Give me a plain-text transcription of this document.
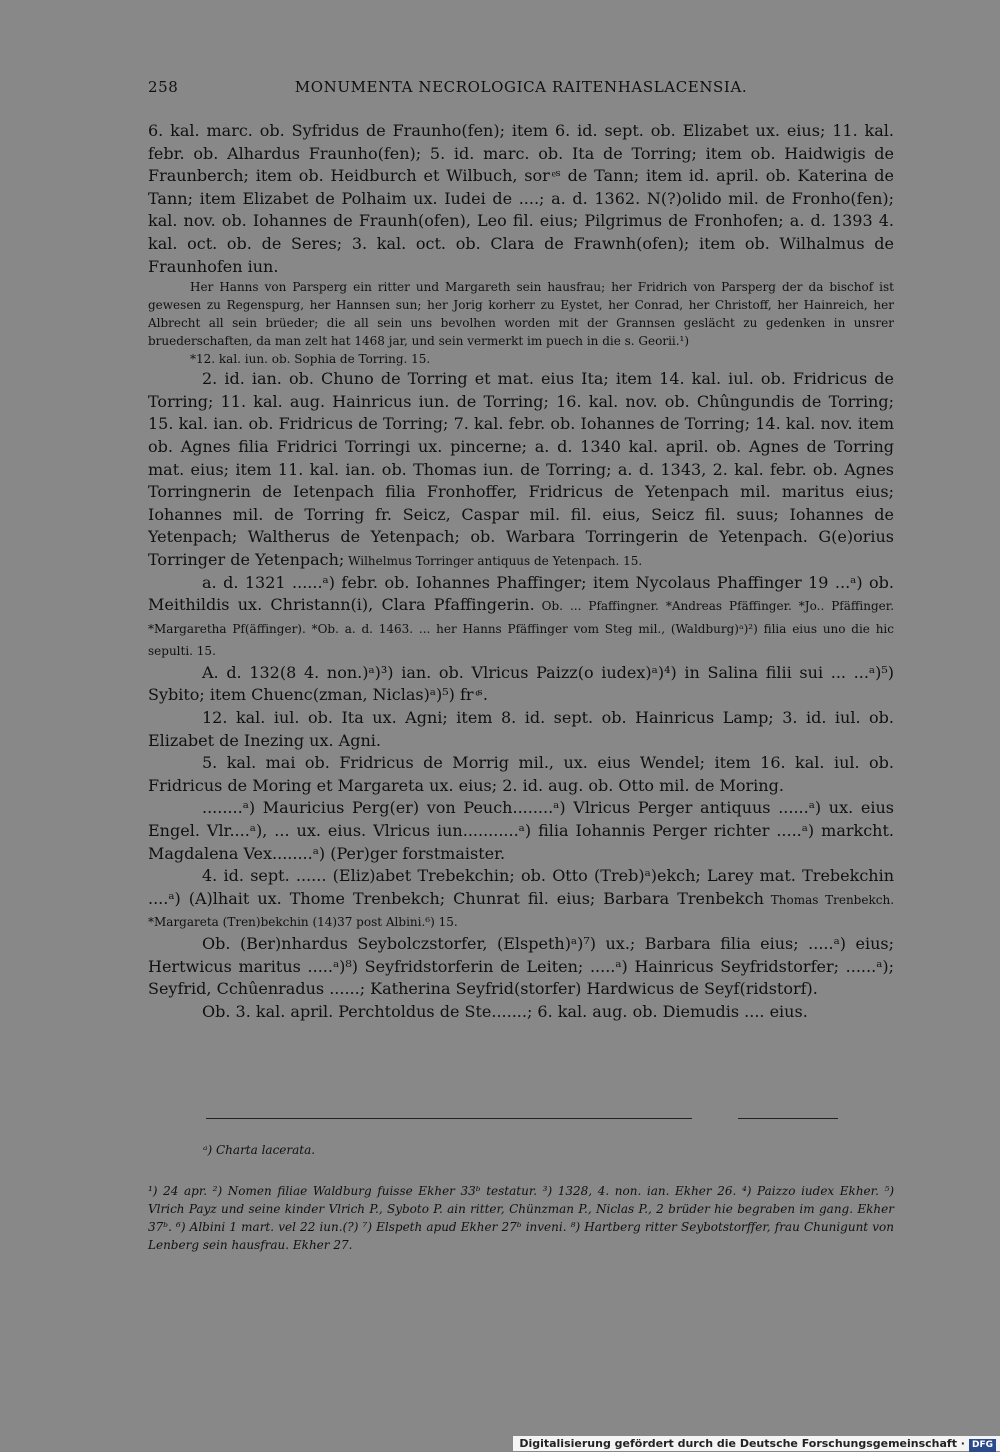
258	MONUMENTA NECROLOGICA RAITENHASLACENSIA.

6. kal. marc. ob. Syfridus de Fraunho(fen); item 6. id. sept. ob. Elizabet ux. eius; 11. kal. febr. ob. Alhardus Fraunho(fen); 5. id. marc. ob. Ita de Torring; item ob. Haidwigis de Fraunberch; item ob. Heidburch et Wilbuch, sor ͤˢ de Tann; item id. april. ob. Katerina de Tann; item Elizabet de Polhaim ux. Iudei de ....; a. d. 1362. N(?)olido mil. de Fronho(fen); kal. nov. ob. Iohannes de Fraunh(ofen), Leo fil. eius; Pilgrimus de Fronhofen; a. d. 1393 4. kal. oct. ob. de Seres; 3. kal. oct. ob. Clara de Frawnh(ofen); item ob. Wilhalmus de Fraunhofen iun.

Her Hanns von Parsperg ein ritter und Margareth sein hausfrau; her Fridrich von Parsperg der da bischof ist gewesen zu Regenspurg, her Hannsen sun; her Jorig korherr zu Eystet, her Conrad, her Christoff, her Hainreich, her Albrecht all sein brüeder; die all sein uns bevolhen worden mit der Grannsen geslächt zu gedenken in unsrer bruederschaften, da man zelt hat 1468 jar, und sein vermerkt im puech in die s. Georii.¹)

*12. kal. iun. ob. Sophia de Torring. 15.

2. id. ian. ob. Chuno de Torring et mat. eius Ita; item 14. kal. iul. ob. Fridricus de Torring; 11. kal. aug. Hainricus iun. de Torring; 16. kal. nov. ob. Chûngundis de Torring; 15. kal. ian. ob. Fridricus de Torring; 7. kal. febr. ob. Iohannes de Torring; 14. kal. nov. item ob. Agnes filia Fridrici Torringi ux. pincerne; a. d. 1340 kal. april. ob. Agnes de Torring mat. eius; item 11. kal. ian. ob. Thomas iun. de Torring; a. d. 1343, 2. kal. febr. ob. Agnes Torringnerin de Ietenpach filia Fronhoffer, Fridricus de Yetenpach mil. maritus eius; Iohannes mil. de Torring fr. Seicz, Caspar mil. fil. eius, Seicz fil. suus; Iohannes de Yetenpach; Waltherus de Yetenpach; ob. Warbara Torringerin de Yetenpach. G(e)orius Torringer de Yetenpach; Wilhelmus Torringer antiquus de Yetenpach. 15.

a. d. 1321 ......ᵃ) febr. ob. Iohannes Phaffinger; item Nycolaus Phaffinger 19 ...ᵃ) ob. Meithildis ux. Christann(i), Clara Pfaffingerin. Ob. ... Pfaffingner. *Andreas Pfäffinger. *Jo.. Pfäffinger. *Margaretha Pf(äffinger). *Ob. a. d. 1463. ... her Hanns Pfäffinger vom Steg mil., (Waldburg)ᵃ)²) filia eius uno die hic sepulti. 15.

A. d. 132(8 4. non.)ᵃ)³) ian. ob. Vlricus Paizz(o iudex)ᵃ)⁴) in Salina filii sui ... ...ᵃ)⁵) Sybito; item Chuenc(zman, Niclas)ᵃ)⁵) fr ͤˢ.

12. kal. iul. ob. Ita ux. Agni; item 8. id. sept. ob. Hainricus Lamp; 3. id. iul. ob. Elizabet de Inezing ux. Agni.

5. kal. mai ob. Fridricus de Morrig mil., ux. eius Wendel; item 16. kal. iul. ob. Fridricus de Moring et Margareta ux. eius; 2. id. aug. ob. Otto mil. de Moring.

........ᵃ) Mauricius Perg(er) von Peuch........ᵃ) Vlricus Perger antiquus ......ᵃ) ux. eius Engel. Vlr....ᵃ), ... ux. eius. Vlricus iun...........ᵃ) filia Iohannis Perger richter .....ᵃ) markcht. Magdalena Vex........ᵃ) (Per)ger forstmaister.

4. id. sept. ...... (Eliz)abet Trebekchin; ob. Otto (Treb)ᵃ)ekch; Larey mat. Trebekchin ....ᵃ) (A)lhait ux. Thome Trenbekch; Chunrat fil. eius; Barbara Trenbekch Thomas Trenbekch. *Margareta (Tren)bekchin (14)37 post Albini.⁶) 15.

Ob. (Ber)nhardus Seybolczstorfer, (Elspeth)ᵃ)⁷) ux.; Barbara filia eius; .....ᵃ) eius; Hertwicus maritus .....ᵃ)⁸) Seyfridstorferin de Leiten; .....ᵃ) Hainricus Seyfridstorfer; ......ᵃ); Seyfrid, Cchûenradus ......; Katherina Seyfrid(storfer) Hardwicus de Seyf(ridstorf).

Ob. 3. kal. april. Perchtoldus de Ste.......; 6. kal. aug. ob. Diemudis .... eius.

ᵃ) Charta lacerata.

¹) 24 apr. ²) Nomen filiae Waldburg fuisse Ekher 33ᵇ testatur. ³) 1328, 4. non. ian. Ekher 26. ⁴) Paizzo iudex Ekher. ⁵) Vlrich Payz und seine kinder Vlrich P., Syboto P. ain ritter, Chünzman P., Niclas P., 2 brüder hie begraben im gang. Ekher 37ᵇ. ⁶) Albini 1 mart. vel 22 iun.(?) ⁷) Elspeth apud Ekher 27ᵇ inveni. ⁸) Hartberg ritter Seybotstorffer, frau Chunigunt von Lenberg sein hausfrau. Ekher 27.

Digitalisierung gefördert durch die Deutsche Forschungsgemeinschaft · DFG
